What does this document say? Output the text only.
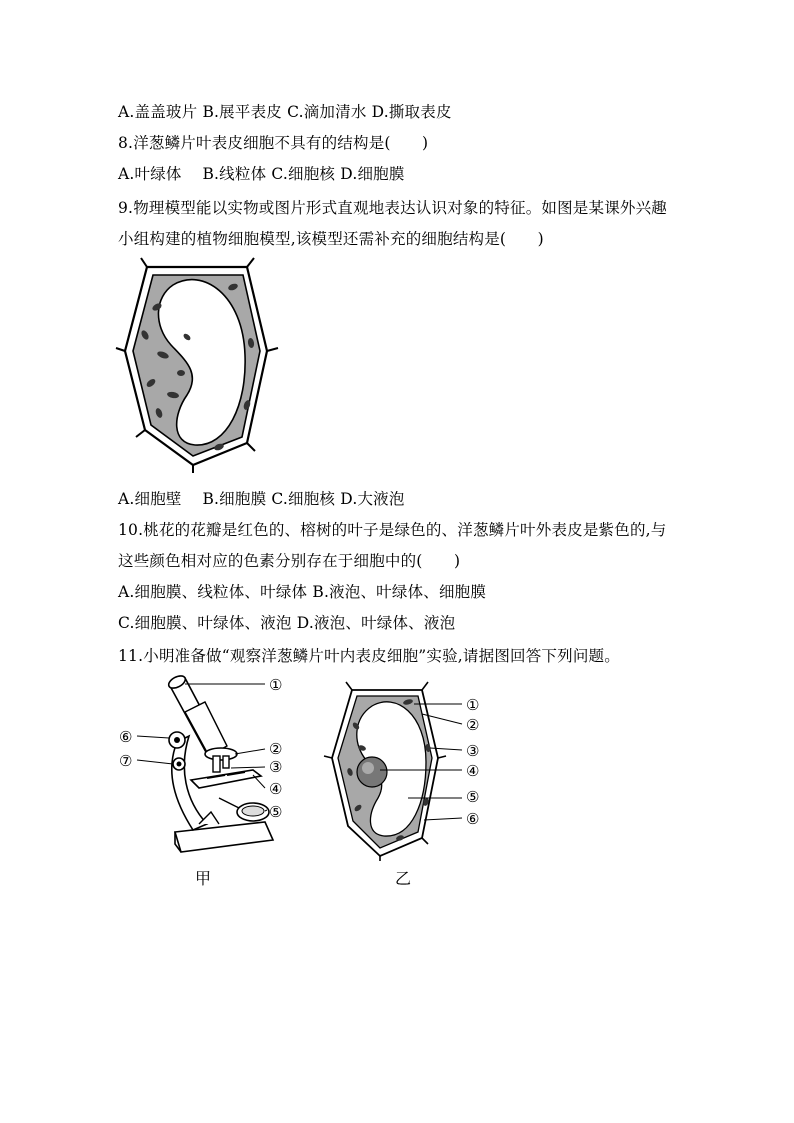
A.盖盖玻片 B.展平表皮 C.滴加清水 D.撕取表皮
8.洋葱鳞片叶表皮细胞不具有的结构是(　　)
A.叶绿体　 B.线粒体 C.细胞核 D.细胞膜
9.物理模型能以实物或图片形式直观地表达认识对象的特征。如图是某课外兴趣
小组构建的植物细胞模型,该模型还需补充的细胞结构是(　　)
A.细胞壁　 B.细胞膜 C.细胞核 D.大液泡
10.桃花的花瓣是红色的、榕树的叶子是绿色的、洋葱鳞片叶外表皮是紫色的,与
这些颜色相对应的色素分别存在于细胞中的(　　)
A.细胞膜、线粒体、叶绿体 B.液泡、叶绿体、细胞膜
C.细胞膜、叶绿体、液泡 D.液泡、叶绿体、液泡
11.小明准备做“观察洋葱鳞片叶内表皮细胞”实验,请据图回答下列问题。
①
②
③
④
⑤
⑥
⑦
甲
①
②
③
④
⑤
⑥
乙
